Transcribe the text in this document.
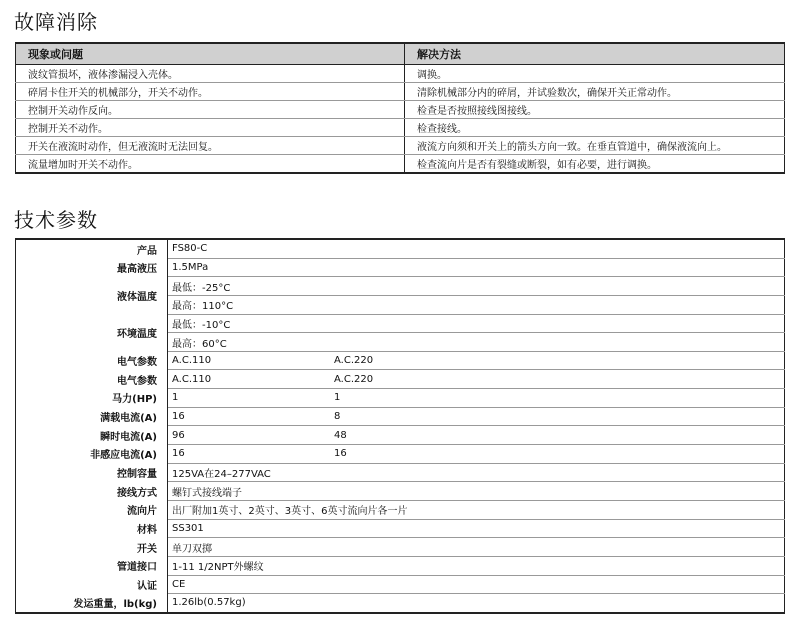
故障消除
现象或问题	解决方法
波纹管损坏，液体渗漏浸入壳体。	调换。
碎屑卡住开关的机械部分，开关不动作。	清除机械部分内的碎屑，并试验数次，确保开关正常动作。
控制开关动作反向。	检查是否按照接线图接线。
控制开关不动作。	检查接线。
开关在液流时动作，但无液流时无法回复。	液流方向须和开关上的箭头方向一致。在垂直管道中，确保液流向上。
流量增加时开关不动作。	检查流向片是否有裂缝或断裂，如有必要，进行调换。
技术参数
产品	FS80-C	
最高液压	1.5MPa	
液体温度	最低：-25°C	
	最高：110°C	
环境温度	最低：-10°C	
	最高：60°C	
电气参数	A.C.110	A.C.220
电气参数	A.C.110	A.C.220
马力(HP)	1	1
满载电流(A)	16	8
瞬时电流(A)	96	48
非感应电流(A)	16	16
控制容量	125VA在24–277VAC	
接线方式	螺钉式接线端子	
流向片	出厂附加1英寸、2英寸、3英寸、6英寸流向片各一片	
材料	SS301	
开关	单刀双掷	
管道接口	1-11 1/2NPT外螺纹	
认证	CE	
发运重量，lb(kg)	1.26lb(0.57kg)	
